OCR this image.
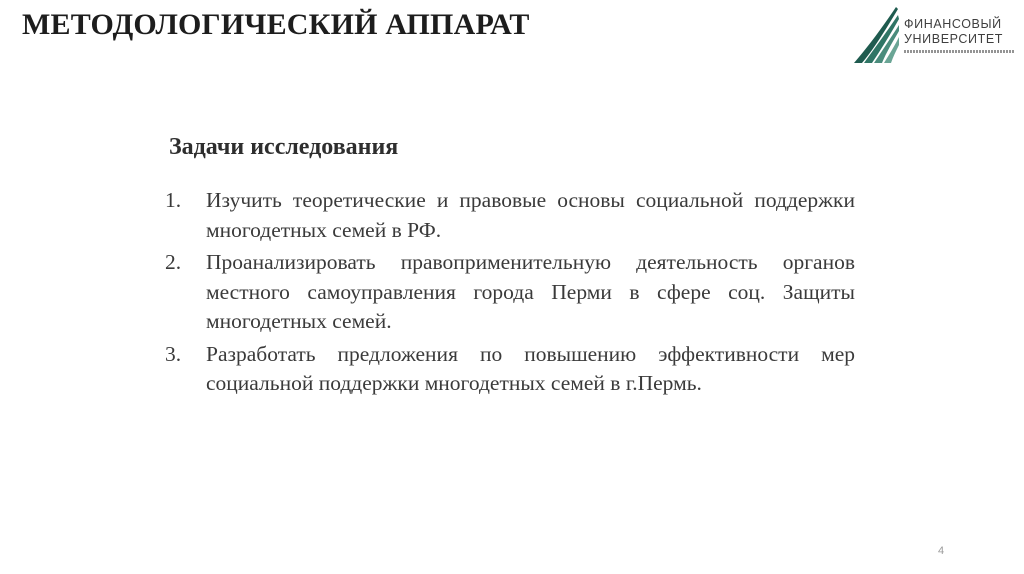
МЕТОДОЛОГИЧЕСКИЙ АППАРАТ	ФИНАНСОВЫЙ
УНИВЕРСИТЕТ
Задачи исследования
1. Изучить теоретические и правовые основы социальной поддержки многодетных семей в РФ.
2. Проанализировать правоприменительную деятельность органов местного самоуправления города Перми в сфере соц. Защиты многодетных семей.
3. Разработать предложения по повышению эффективности мер социальной поддержки многодетных семей в г.Пермь.
4
